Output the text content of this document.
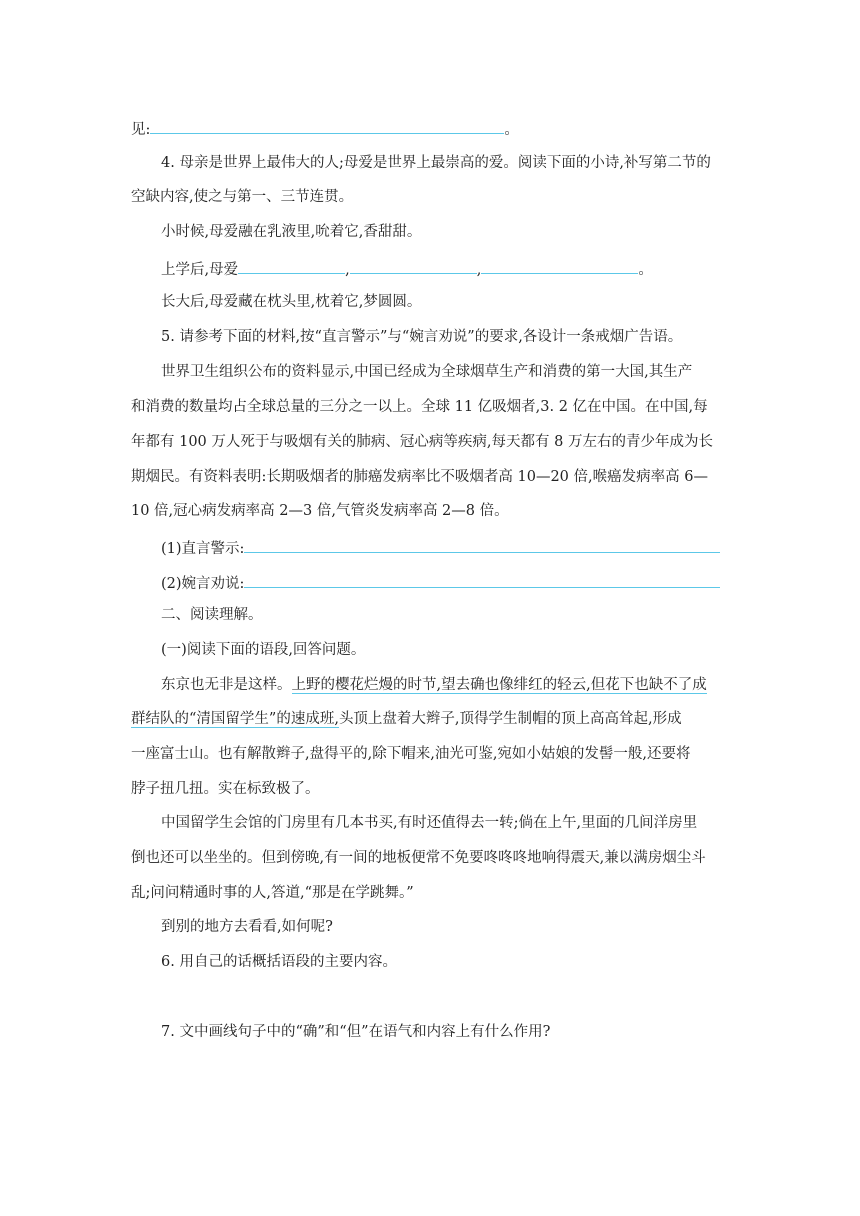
见:	。
4. 母亲是世界上最伟大的人;母爱是世界上最崇高的爱。阅读下面的小诗,补写第二节的
空缺内容,使之与第一、三节连贯。
小时候,母爱融在乳液里,吮着它,香甜甜。
上学后,母爱	,	,	。
长大后,母爱藏在枕头里,枕着它,梦圆圆。
5. 请参考下面的材料,按“直言警示”与“婉言劝说”的要求,各设计一条戒烟广告语。
世界卫生组织公布的资料显示,中国已经成为全球烟草生产和消费的第一大国,其生产
和消费的数量均占全球总量的三分之一以上。全球 11 亿吸烟者,3. 2 亿在中国。在中国,每
年都有 100 万人死于与吸烟有关的肺病、冠心病等疾病,每天都有 8 万左右的青少年成为长
期烟民。有资料表明:长期吸烟者的肺癌发病率比不吸烟者高 10—20 倍,喉癌发病率高 6—
10 倍,冠心病发病率高 2—3 倍,气管炎发病率高 2—8 倍。
(1)直言警示:
(2)婉言劝说:
二、阅读理解。
(一)阅读下面的语段,回答问题。
东京也无非是这样。上野的樱花烂熳的时节,望去确也像绯红的轻云,但花下也缺不了成
群结队的“清国留学生”的速成班,头顶上盘着大辫子,顶得学生制帽的顶上高高耸起,形成
一座富士山。也有解散辫子,盘得平的,除下帽来,油光可鉴,宛如小姑娘的发髻一般,还要将
脖子扭几扭。实在标致极了。
中国留学生会馆的门房里有几本书买,有时还值得去一转;倘在上午,里面的几间洋房里
倒也还可以坐坐的。但到傍晚,有一间的地板便常不免要咚咚咚地响得震天,兼以满房烟尘斗
乱;问问精通时事的人,答道,“那是在学跳舞。”
到别的地方去看看,如何呢?
6. 用自己的话概括语段的主要内容。
7. 文中画线句子中的“确”和“但”在语气和内容上有什么作用?
